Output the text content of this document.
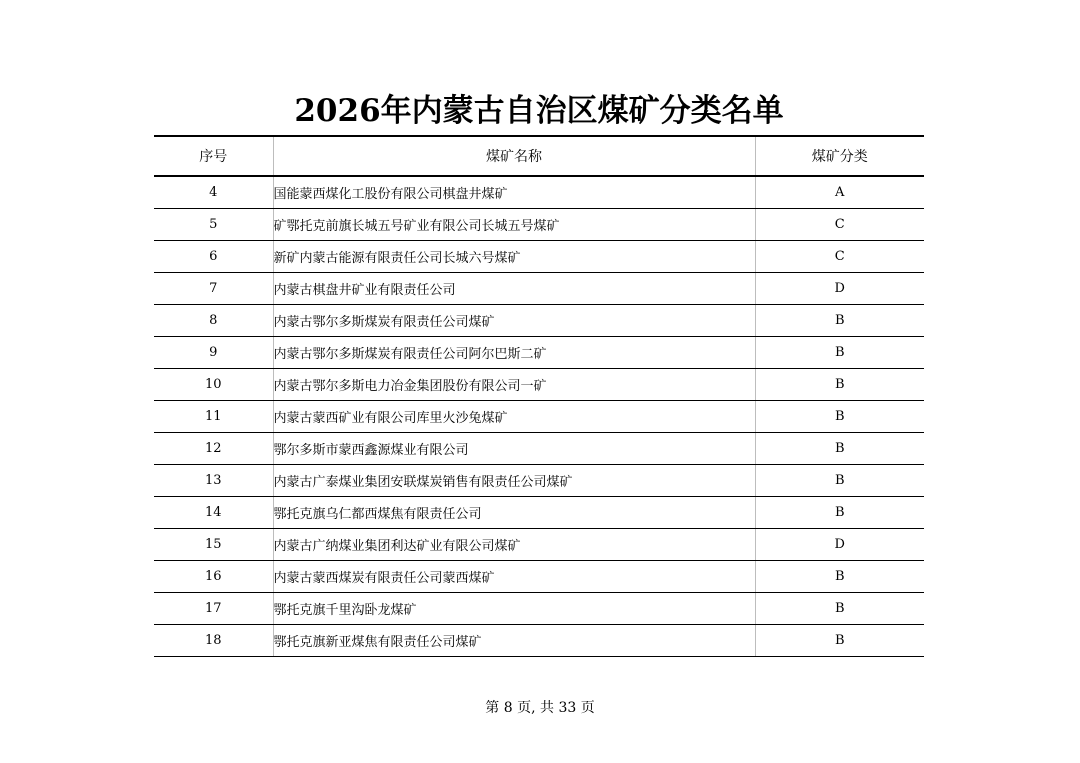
2026年内蒙古自治区煤矿分类名单
序号	煤矿名称	煤矿分类
4	国能蒙西煤化工股份有限公司棋盘井煤矿	A
5	矿鄂托克前旗长城五号矿业有限公司长城五号煤矿	C
6	新矿内蒙古能源有限责任公司长城六号煤矿	C
7	内蒙古棋盘井矿业有限责任公司	D
8	内蒙古鄂尔多斯煤炭有限责任公司煤矿	B
9	内蒙古鄂尔多斯煤炭有限责任公司阿尔巴斯二矿	B
10	内蒙古鄂尔多斯电力冶金集团股份有限公司一矿	B
11	内蒙古蒙西矿业有限公司库里火沙兔煤矿	B
12	鄂尔多斯市蒙西鑫源煤业有限公司	B
13	内蒙古广泰煤业集团安联煤炭销售有限责任公司煤矿	B
14	鄂托克旗乌仁都西煤焦有限责任公司	B
15	内蒙古广纳煤业集团利达矿业有限公司煤矿	D
16	内蒙古蒙西煤炭有限责任公司蒙西煤矿	B
17	鄂托克旗千里沟卧龙煤矿	B
18	鄂托克旗新亚煤焦有限责任公司煤矿	B
第 8 页, 共 33 页
